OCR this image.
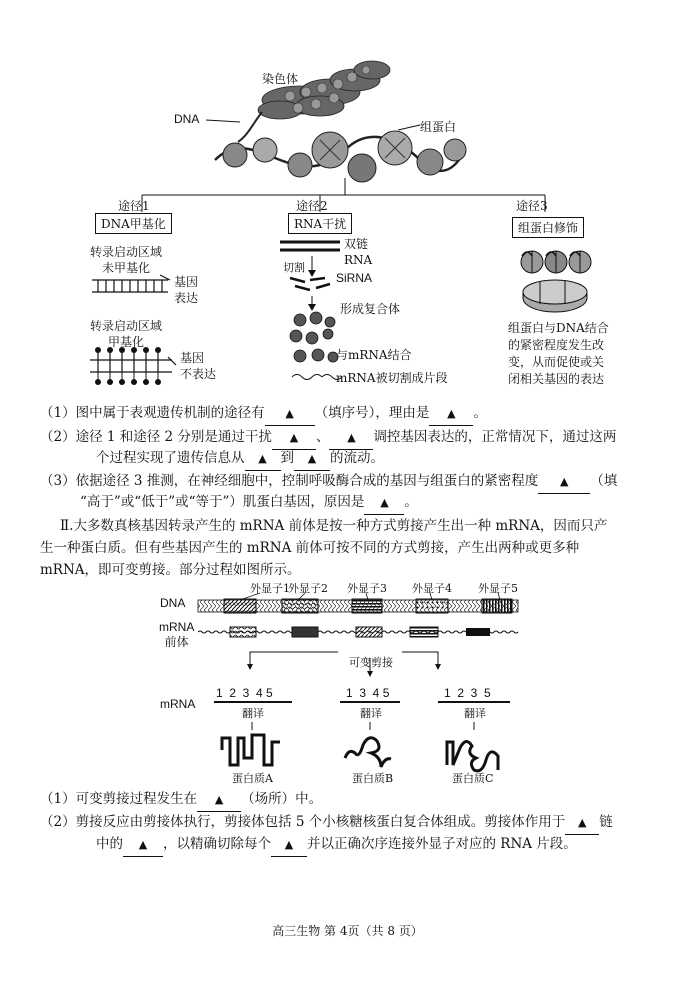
染色体
DNA
组蛋白
途径1
DNA甲基化
途径2
RNA干扰
途径3
组蛋白修饰
转录启动区域
未甲基化
基因
表达
转录启动区域
甲基化
基因
不表达
双链
RNA
切割
SiRNA
形成复合体
与mRNA结合
mRNA被切割成片段
组蛋白与DNA结合
的紧密程度发生改
变，从而促使或关
闭相关基因的表达
（1）图中属于表观遗传机制的途径有 ▲ （填序号），理由是 ▲ 。
（2）途径 1 和途径 2 分别是通过干扰 ▲ 、 ▲ 调控基因表达的，正常情况下，通过这两
个过程实现了遗传信息从 ▲ 到 ▲ 的流动。
（3）依据途径 3 推测，在神经细胞中，控制呼吸酶合成的基因与组蛋白的紧密程度 ▲ （填
“高于”或“低于”或“等于”）肌蛋白基因，原因是 ▲ 。
Ⅱ.大多数真核基因转录产生的 mRNA 前体是按一种方式剪接产生出一种 mRNA，因而只产
生一种蛋白质。但有些基因产生的 mRNA 前体可按不同的方式剪接，产生出两种或更多种
mRNA，即可变剪接。部分过程如图所示。
DNA
mRNA
前体
mRNA
外显子1
外显子2 外显子3 外显子4 外显子5
可变剪接
1  2  3  4 5	1  3  4 5	1  2  3  5
翻译	翻译	翻译
蛋白质A	蛋白质B	蛋白质C
（1）可变剪接过程发生在 ▲ （场所）中。
（2）剪接反应由剪接体执行，剪接体包括 5 个小核糖核蛋白复合体组成。剪接体作用于 ▲ 链
中的 ▲ ，以精确切除每个 ▲ 并以正确次序连接外显子对应的 RNA 片段。
高三生物 第 4页（共 8 页）
